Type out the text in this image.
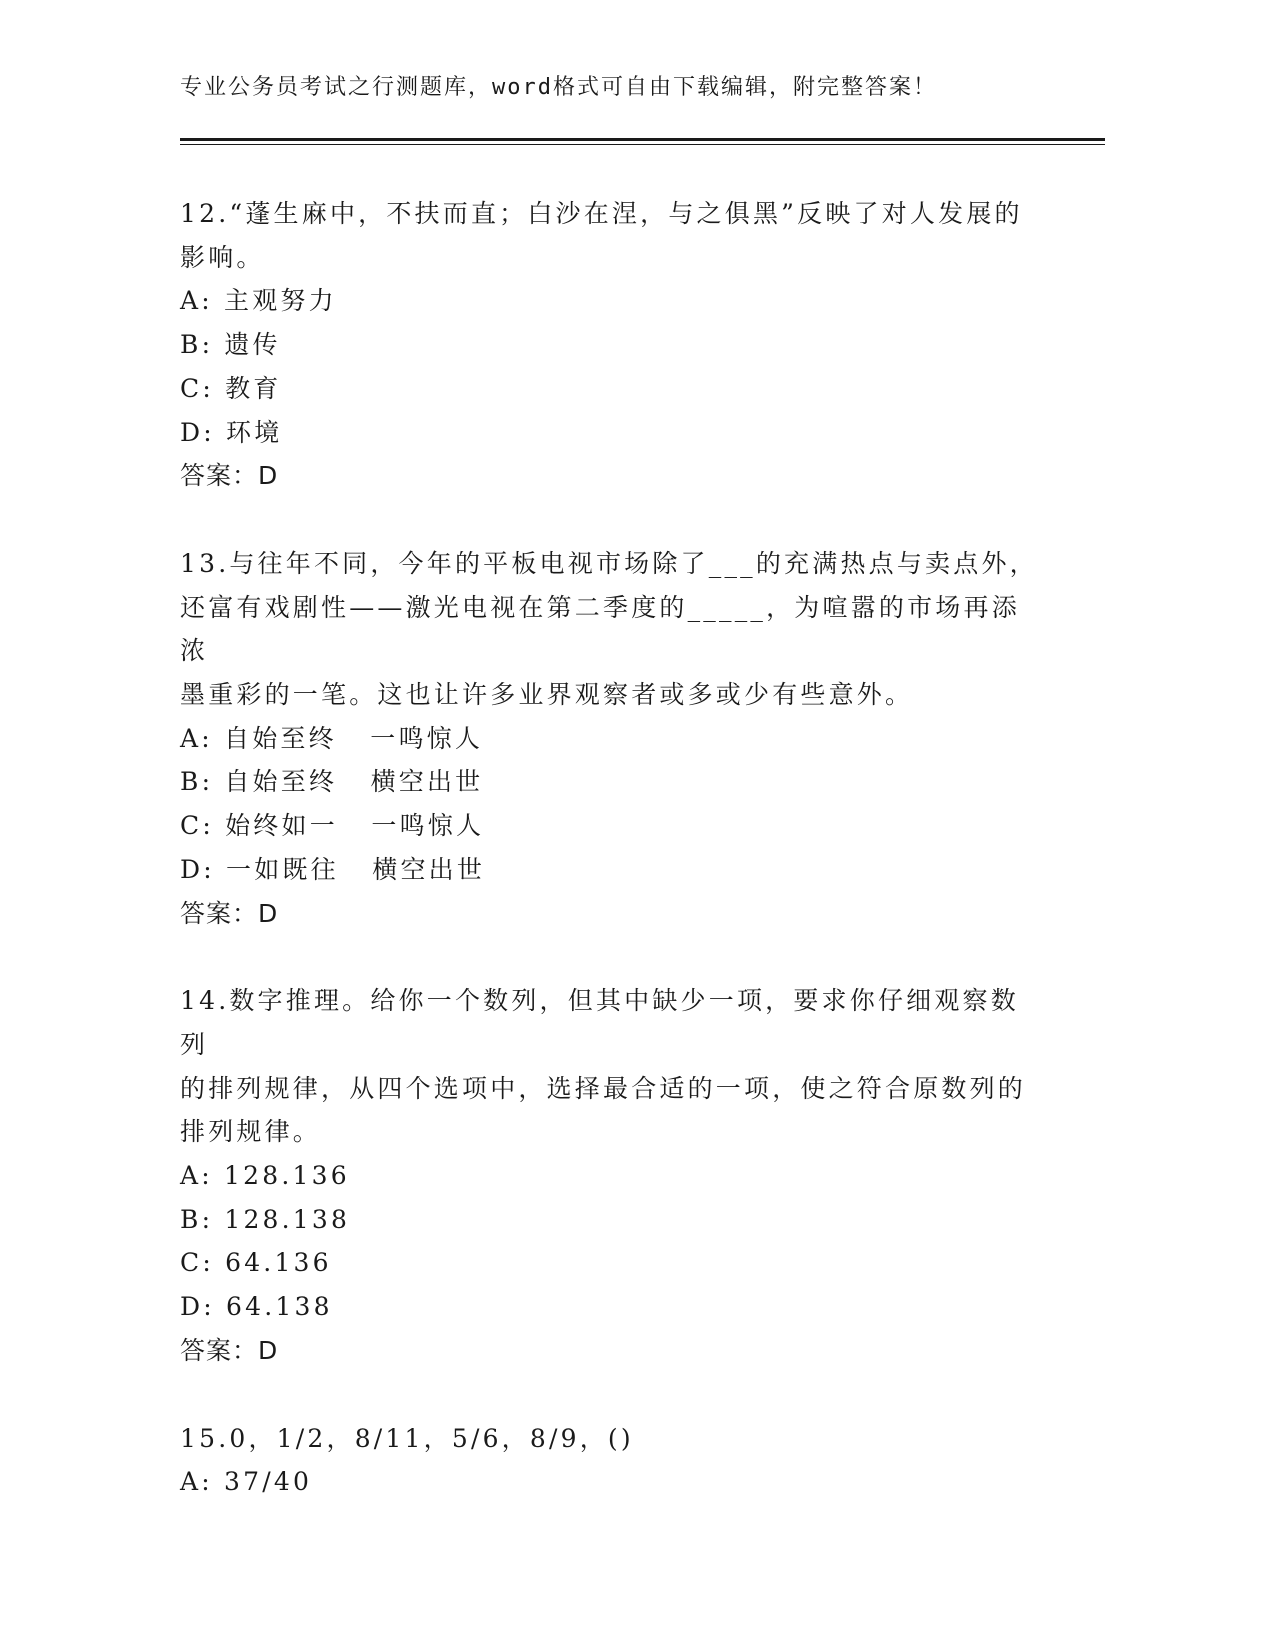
专业公务员考试之行测题库，word格式可自由下载编辑，附完整答案！
12.“蓬生麻中，不扶而直；白沙在涅，与之俱黑”反映了对人发展的
影响。
A: 主观努力
B: 遗传
C: 教育
D: 环境
答案：D
13.与往年不同，今年的平板电视市场除了___的充满热点与卖点外，
还富有戏剧性——激光电视在第二季度的_____，为喧嚣的市场再添浓
墨重彩的一笔。这也让许多业界观察者或多或少有些意外。
A: 自始至终   一鸣惊人
B: 自始至终   横空出世
C: 始终如一   一鸣惊人
D: 一如既往   横空出世
答案：D
14.数字推理。给你一个数列，但其中缺少一项，要求你仔细观察数列
的排列规律，从四个选项中，选择最合适的一项，使之符合原数列的
排列规律。
A: 128.136
B: 128.138
C: 64.136
D: 64.138
答案：D
15.0，1/2，8/11，5/6，8/9，()
A: 37/40
